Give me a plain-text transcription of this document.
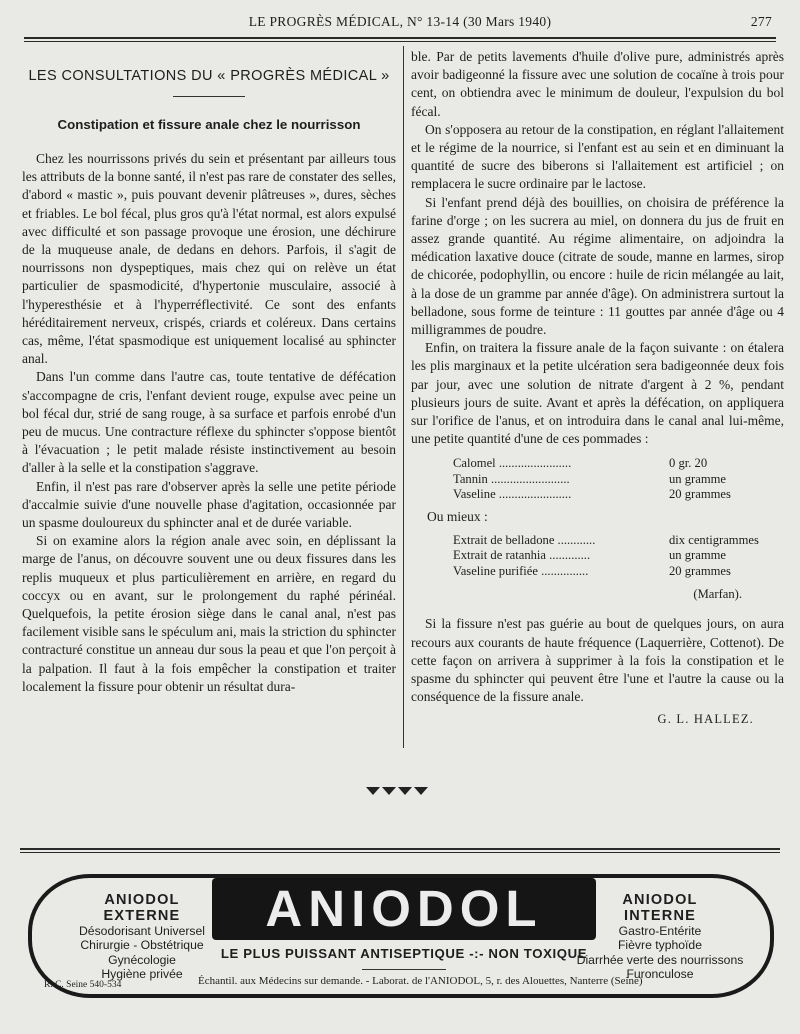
LE PROGRÈS MÉDICAL, N° 13-14 (30 Mars 1940)	277
LES CONSULTATIONS DU « PROGRÈS MÉDICAL »
Constipation et fissure anale chez le nourrisson

Chez les nourrissons privés du sein et présentant par ailleurs tous les attributs de la bonne santé, il n'est pas rare de constater des selles, d'abord « mastic », puis pouvant devenir plâtreuses », dures, sèches et friables. Le bol fécal, plus gros qu'à l'état normal, est alors expulsé avec difficulté et son passage provoque une érosion, une déchirure de la muqueuse anale, de dedans en dehors. Parfois, il s'agit de nourrissons non dyspeptiques, mais chez qui on relève un état particulier de spasmodicité, d'hypertonie musculaire, associé à l'hyperesthésie et à l'hyperréflectivité. Ce sont des enfants héréditairement nerveux, crispés, criards et coléreux. Dans certains cas, même, l'état spasmodique est uniquement localisé au sphincter anal.

Dans l'un comme dans l'autre cas, toute tentative de défécation s'accompagne de cris, l'enfant devient rouge, expulse avec peine un bol fécal dur, strié de sang rouge, à sa surface et parfois enrobé d'un peu de mucus. Une contracture réflexe du sphincter s'oppose bientôt à l'évacuation ; le petit malade résiste instinctivement au besoin d'aller à la selle et la constipation s'aggrave.

Enfin, il n'est pas rare d'observer après la selle une petite période d'accalmie suivie d'une nouvelle phase d'agitation, occasionnée par un spasme douloureux du sphincter anal et de durée variable.

Si on examine alors la région anale avec soin, en déplissant la marge de l'anus, on découvre souvent une ou deux fissures dans les replis muqueux et plus particulièrement en arrière, en regard du coccyx ou en avant, sur le prolongement du raphé périnéal. Quelquefois, la petite érosion siège dans le canal anal, n'est pas facilement visible sans le spéculum ani, mais la striction du sphincter contracturé constitue un anneau dur sous la peau et que l'on perçoit à la palpation. Il faut à la fois empêcher la constipation et traiter localement la fissure pour obtenir un résultat dura-

ble. Par de petits lavements d'huile d'olive pure, administrés après avoir badigeonné la fissure avec une solution de cocaïne à trois pour cent, on obtiendra avec le minimum de douleur, l'expulsion du bol fécal.

On s'opposera au retour de la constipation, en réglant l'allaitement et le régime de la nourrice, si l'enfant est au sein et en diminuant la quantité de sucre des biberons si l'allaitement est artificiel ; on remplacera le sucre ordinaire par le lactose.

Si l'enfant prend déjà des bouillies, on choisira de préférence la farine d'orge ; on les sucrera au miel, on donnera du jus de fruit en assez grande quantité. Au régime alimentaire, on adjoindra la médication laxative douce (citrate de soude, manne en larmes, sirop de chicorée, podophyllin, ou encore : huile de ricin mélangée au lait, à la dose de un gramme par année d'âge). On administrera surtout la belladone, sous forme de teinture : 11 gouttes par année d'âge ou 4 milligrammes de poudre.

Enfin, on traitera la fissure anale de la façon suivante : on étalera les plis marginaux et la petite ulcération sera badigeonnée deux fois par jour, avec une solution de nitrate d'argent à 2 %, pendant plusieurs jours de suite. Avant et après la défécation, on appliquera sur l'orifice de l'anus, et on introduira dans le canal anal lui-même, une petite quantité d'une de ces pommades :

Calomel .......................	0 gr. 20
Tannin .........................	un gramme
Vaseline .......................	20 grammes
Ou mieux :
Extrait de belladone ............	dix centigrammes
Extrait de ratanhia .............	un gramme
Vaseline purifiée ...............	20 grammes
(Marfan).

Si la fissure n'est pas guérie au bout de quelques jours, on aura recours aux courants de haute fréquence (Laquerrière, Cottenot). De cette façon on arrivera à supprimer à la fois la constipation et le spasme du sphincter qui peuvent être l'une et l'autre la cause ou la conséquence de la fissure anale.

G. L. HALLEZ.
ANIODOL
EXTERNE
Désodorisant Universel
Chirurgie - Obstétrique
Gynécologie
Hygiène privée
ANIODOL
LE PLUS PUISSANT ANTISEPTIQUE -:- NON TOXIQUE
Échantil. aux Médecins sur demande. - Laborat. de l'ANIODOL, 5, r. des Alouettes, Nanterre (Seine)
R. C. Seine 540-534
ANIODOL
INTERNE
Gastro-Entérite
Fièvre typhoïde
Diarrhée verte des nourrissons
Furonculose
